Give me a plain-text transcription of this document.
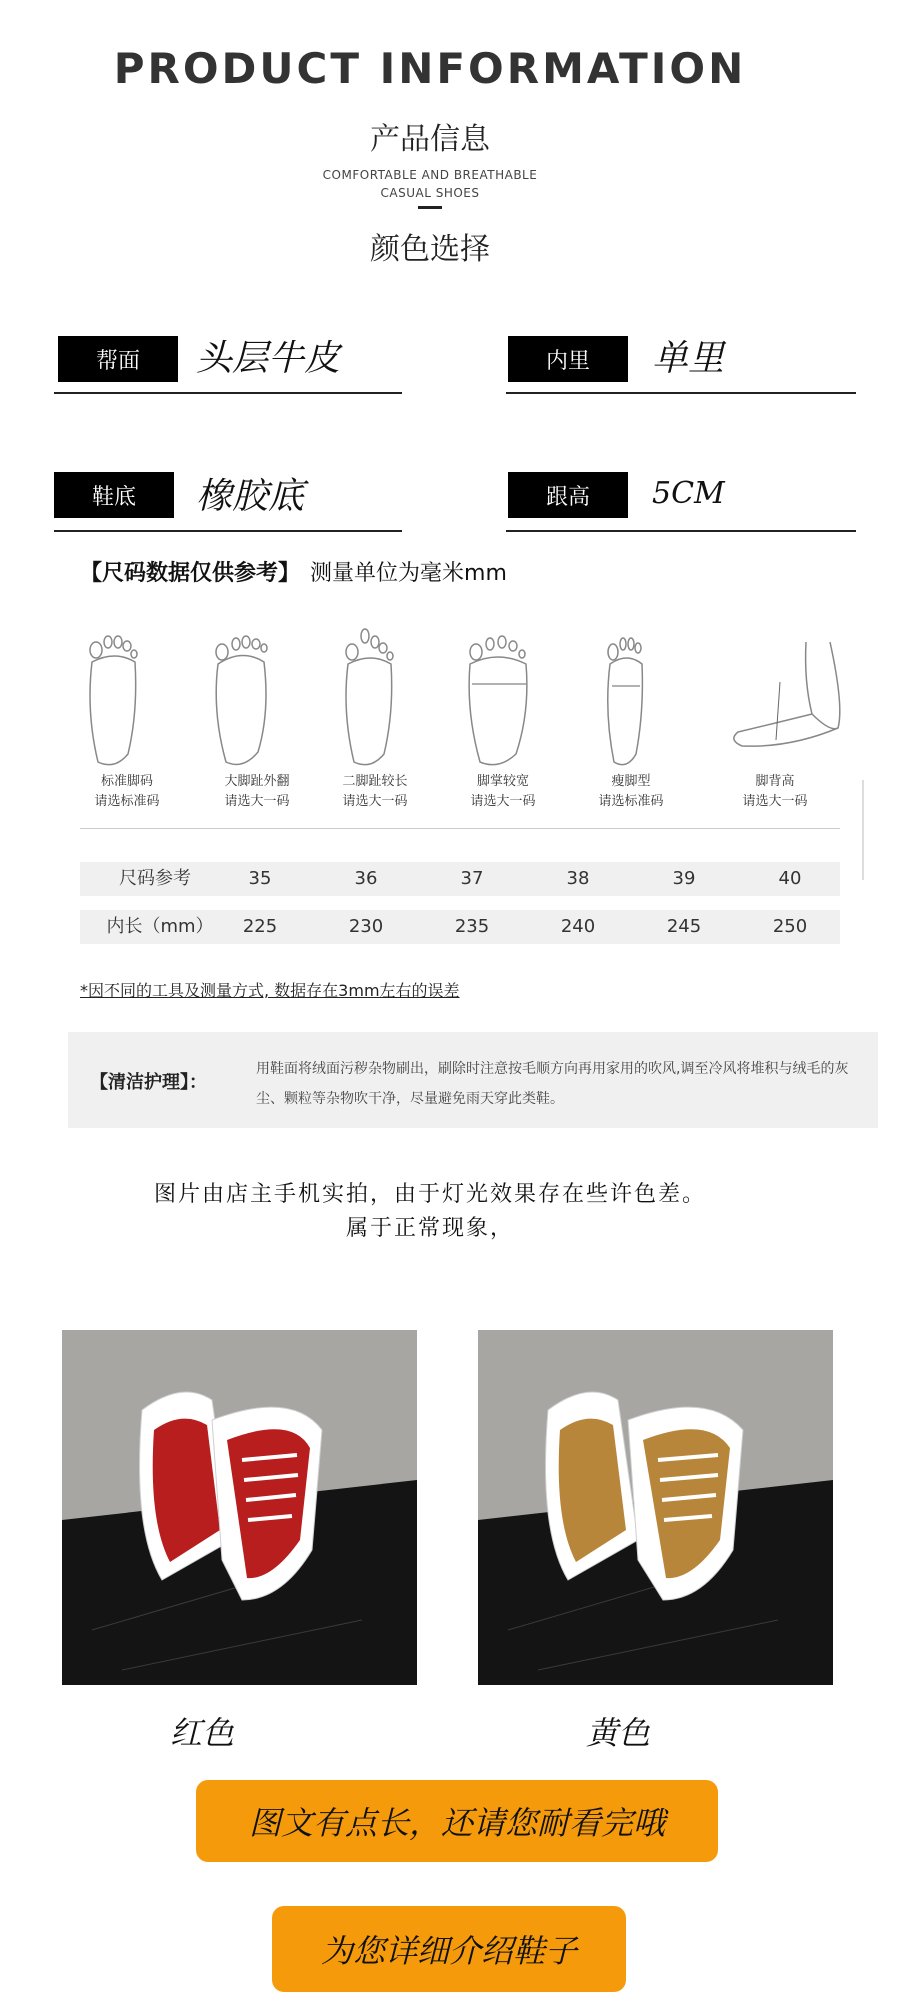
PRODUCT INFORMATION
产品信息
COMFORTABLE AND BREATHABLE
CASUAL SHOES
颜色选择
帮面	头层牛皮	内里	单里
鞋底	橡胶底	跟高	5CM
【尺码数据仅供参考】 测量单位为毫米mm
标准脚码
请选标准码
大脚趾外翻
请选大一码
二脚趾较长
请选大一码
脚掌较宽
请选大一码
瘦脚型
请选标准码
脚背高
请选大一码
尺码参考	35	36	37	38	39	40
内长（mm）	225	230	235	240	245	250
*因不同的工具及测量方式, 数据存在3mm左右的误差
【清洁护理】：
用鞋面将绒面污秽杂物刷出，刷除时注意按毛顺方向再用家用的吹风,调至冷风将堆积与绒毛的灰尘、颗粒等杂物吹干净，尽量避免雨天穿此类鞋。
图片由店主手机实拍，由于灯光效果存在些许色差。
属于正常现象，
红色	黄色
图文有点长，还请您耐看完哦
为您详细介绍鞋子
